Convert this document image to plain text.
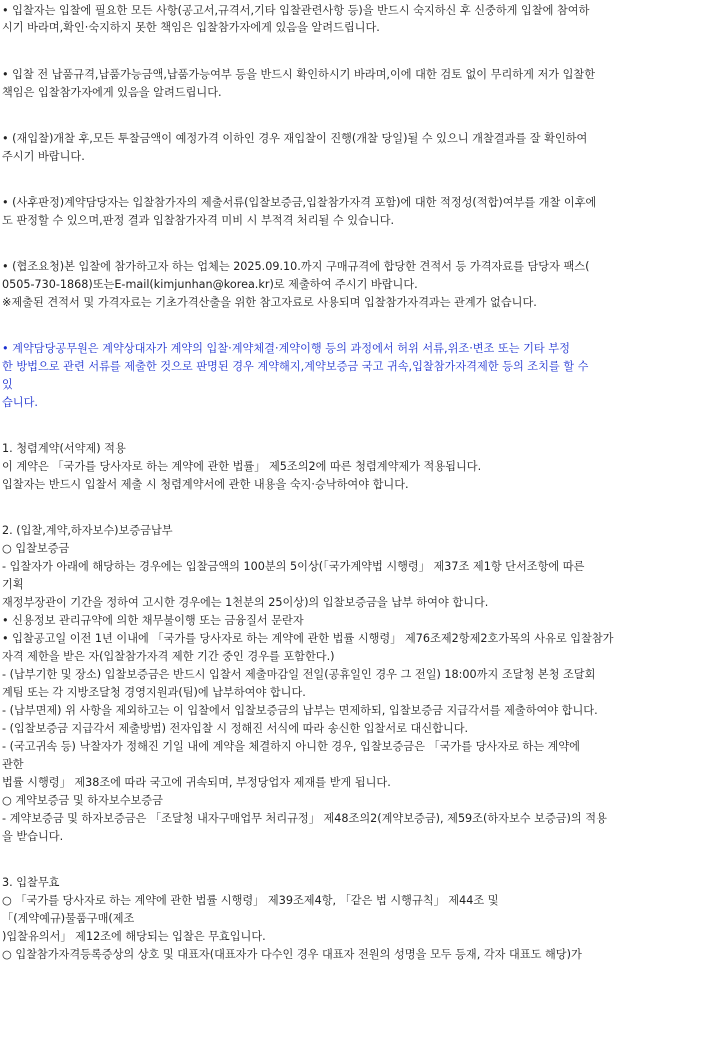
• 입찰자는 입찰에 필요한 모든 사항(공고서,규격서,기타 입찰관련사항 등)을 반드시 숙지하신 후 신중하게 입찰에 참여하
시기 바라며,확인·숙지하지 못한 책임은 입찰참가자에게 있음을 알려드립니다.
• 입찰 전 납품규격,납품가능금액,납품가능여부 등을 반드시 확인하시기 바라며,이에 대한 검토 없이 무리하게 저가 입찰한
책임은 입찰참가자에게 있음을 알려드립니다.
• (재입찰)개찰 후,모든 투찰금액이 예정가격 이하인 경우 재입찰이 진행(개찰 당일)될 수 있으니 개찰결과를 잘 확인하여
주시기 바랍니다.
• (사후판정)계약담당자는 입찰참가자의 제출서류(입찰보증금,입찰참가자격 포함)에 대한 적정성(적합)여부를 개찰 이후에
도 판정할 수 있으며,판정 결과 입찰참가자격 미비 시 부적격 처리될 수 있습니다.
• (협조요청)본 입찰에 참가하고자 하는 업체는 2025.09.10.까지 구매규격에 합당한 견적서 등 가격자료를 담당자 팩스(
0505-730-1868)또는E-mail(kimjunhan@korea.kr)로 제출하여 주시기 바랍니다.
※제출된 견적서 및 가격자료는 기초가격산출을 위한 참고자료로 사용되며 입찰참가자격과는 관계가 없습니다.
• 계약담당공무원은 계약상대자가 계약의 입찰·계약체결·계약이행 등의 과정에서 허위 서류,위조·변조 또는 기타 부정
한 방법으로 관련 서류를 제출한 것으로 판명된 경우 계약해지,계약보증금 국고 귀속,입찰참가자격제한 등의 조치를 할 수
있
습니다.
1. 청렴계약(서약제) 적용
이 계약은 「국가를 당사자로 하는 계약에 관한 법률」 제5조의2에 따른 청렴계약제가 적용됩니다.
입찰자는 반드시 입찰서 제출 시 청렴계약서에 관한 내용을 숙지·승낙하여야 합니다.
2. (입찰,계약,하자보수)보증금납부
○ 입찰보증금
- 입찰자가 아래에 해당하는 경우에는 입찰금액의 100분의 5이상(「국가계약법 시행령」 제37조 제1항 단서조항에 따른
기획
재정부장관이 기간을 정하여 고시한 경우에는 1천분의 25이상)의 입찰보증금을 납부 하여야 합니다.
• 신용정보 관리규약에 의한 채무불이행 또는 금융질서 문란자
• 입찰공고일 이전 1년 이내에 「국가를 당사자로 하는 계약에 관한 법률 시행령」 제76조제2항제2호가목의 사유로 입찰참가
자격 제한을 받은 자(입찰참가자격 제한 기간 중인 경우를 포함한다.)
- (납부기한 및 장소) 입찰보증금은 반드시 입찰서 제출마감일 전일(공휴일인 경우 그 전일) 18:00까지 조달청 본청 조달회
계팀 또는 각 지방조달청 경영지원과(팀)에 납부하여야 합니다.
- (납부면제) 위 사항을 제외하고는 이 입찰에서 입찰보증금의 납부는 면제하되, 입찰보증금 지급각서를 제출하여야 합니다.
- (입찰보증금 지급각서 제출방법) 전자입찰 시 정해진 서식에 따라 송신한 입찰서로 대신합니다.
- (국고귀속 등) 낙찰자가 정해진 기일 내에 계약을 체결하지 아니한 경우, 입찰보증금은 「국가를 당사자로 하는 계약에
관한
법률 시행령」 제38조에 따라 국고에 귀속되며, 부정당업자 제재를 받게 됩니다.
○ 계약보증금 및 하자보수보증금
- 계약보증금 및 하자보증금은 「조달청 내자구매업무 처리규정」 제48조의2(계약보증금), 제59조(하자보수 보증금)의 적용
을 받습니다.
3. 입찰무효
○ 「국가를 당사자로 하는 계약에 관한 법률 시행령」 제39조제4항, 「같은 법 시행규칙」 제44조 및
「(계약예규)물품구매(제조
)입찰유의서」 제12조에 해당되는 입찰은 무효입니다.
○ 입찰참가자격등록증상의 상호 및 대표자(대표자가 다수인 경우 대표자 전원의 성명을 모두 등재, 각자 대표도 해당)가
